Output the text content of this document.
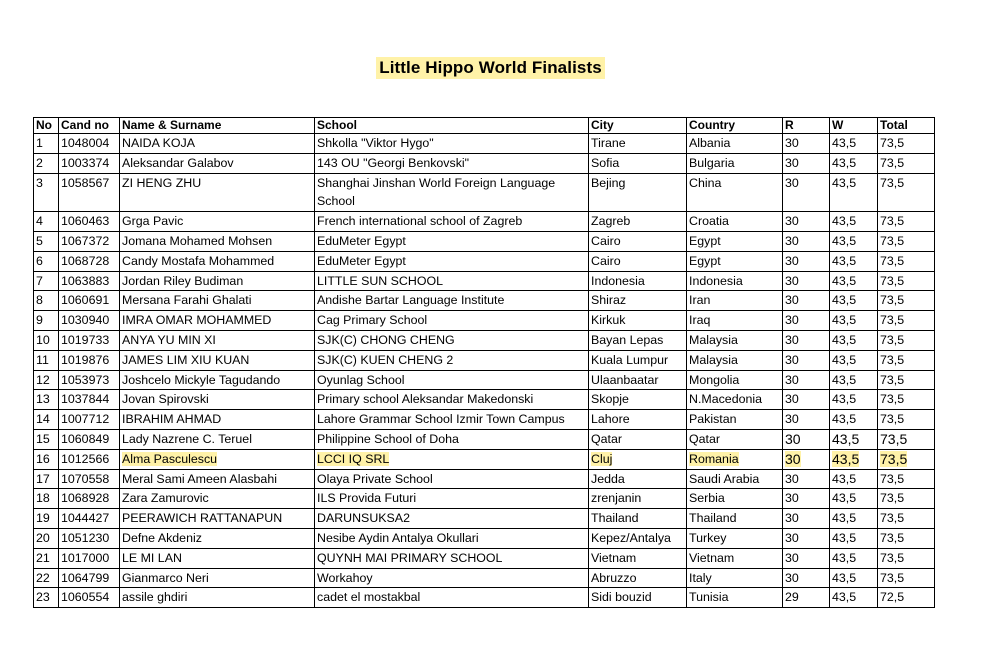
Little Hippo World Finalists
No	Cand no	Name & Surname	School	City	Country	R	W	Total
1	1048004	NAIDA KOJA	Shkolla "Viktor Hygo"	Tirane	Albania	30	43,5	73,5
2	1003374	Aleksandar Galabov	143 OU "Georgi Benkovski"	Sofia	Bulgaria	30	43,5	73,5
3	1058567	ZI HENG ZHU	Shanghai Jinshan World Foreign Language School	Bejing	China	30	43,5	73,5
4	1060463	Grga Pavic	French international school of Zagreb	Zagreb	Croatia	30	43,5	73,5
5	1067372	Jomana Mohamed Mohsen	EduMeter Egypt	Cairo	Egypt	30	43,5	73,5
6	1068728	Candy Mostafa Mohammed	EduMeter Egypt	Cairo	Egypt	30	43,5	73,5
7	1063883	Jordan Riley Budiman	LITTLE SUN SCHOOL	Indonesia	Indonesia	30	43,5	73,5
8	1060691	Mersana Farahi Ghalati	Andishe Bartar Language Institute	Shiraz	Iran	30	43,5	73,5
9	1030940	IMRA OMAR MOHAMMED	Cag Primary School	Kirkuk	Iraq	30	43,5	73,5
10	1019733	ANYA YU MIN XI	SJK(C) CHONG CHENG	Bayan Lepas	Malaysia	30	43,5	73,5
11	1019876	JAMES LIM XIU KUAN	SJK(C) KUEN CHENG 2	Kuala Lumpur	Malaysia	30	43,5	73,5
12	1053973	Joshcelo Mickyle Tagudando	Oyunlag School	Ulaanbaatar	Mongolia	30	43,5	73,5
13	1037844	Jovan Spirovski	Primary school Aleksandar Makedonski	Skopje	N.Macedonia	30	43,5	73,5
14	1007712	IBRAHIM AHMAD	Lahore Grammar School Izmir Town Campus	Lahore	Pakistan	30	43,5	73,5
15	1060849	Lady Nazrene C. Teruel	Philippine School of Doha	Qatar	Qatar	30	43,5	73,5
16	1012566	Alma Pasculescu	LCCI IQ SRL	Cluj	Romania	30	43,5	73,5
17	1070558	Meral Sami Ameen Alasbahi	Olaya Private School	Jedda	Saudi Arabia	30	43,5	73,5
18	1068928	Zara Zamurovic	ILS Provida Futuri	zrenjanin	Serbia	30	43,5	73,5
19	1044427	PEERAWICH RATTANAPUN	DARUNSUKSA2	Thailand	Thailand	30	43,5	73,5
20	1051230	Defne Akdeniz	Nesibe Aydin Antalya Okullari	Kepez/Antalya	Turkey	30	43,5	73,5
21	1017000	LE MI LAN	QUYNH MAI PRIMARY SCHOOL	Vietnam	Vietnam	30	43,5	73,5
22	1064799	Gianmarco Neri	Workahoy	Abruzzo	Italy	30	43,5	73,5
23	1060554	assile ghdiri	cadet el mostakbal	Sidi bouzid	Tunisia	29	43,5	72,5
